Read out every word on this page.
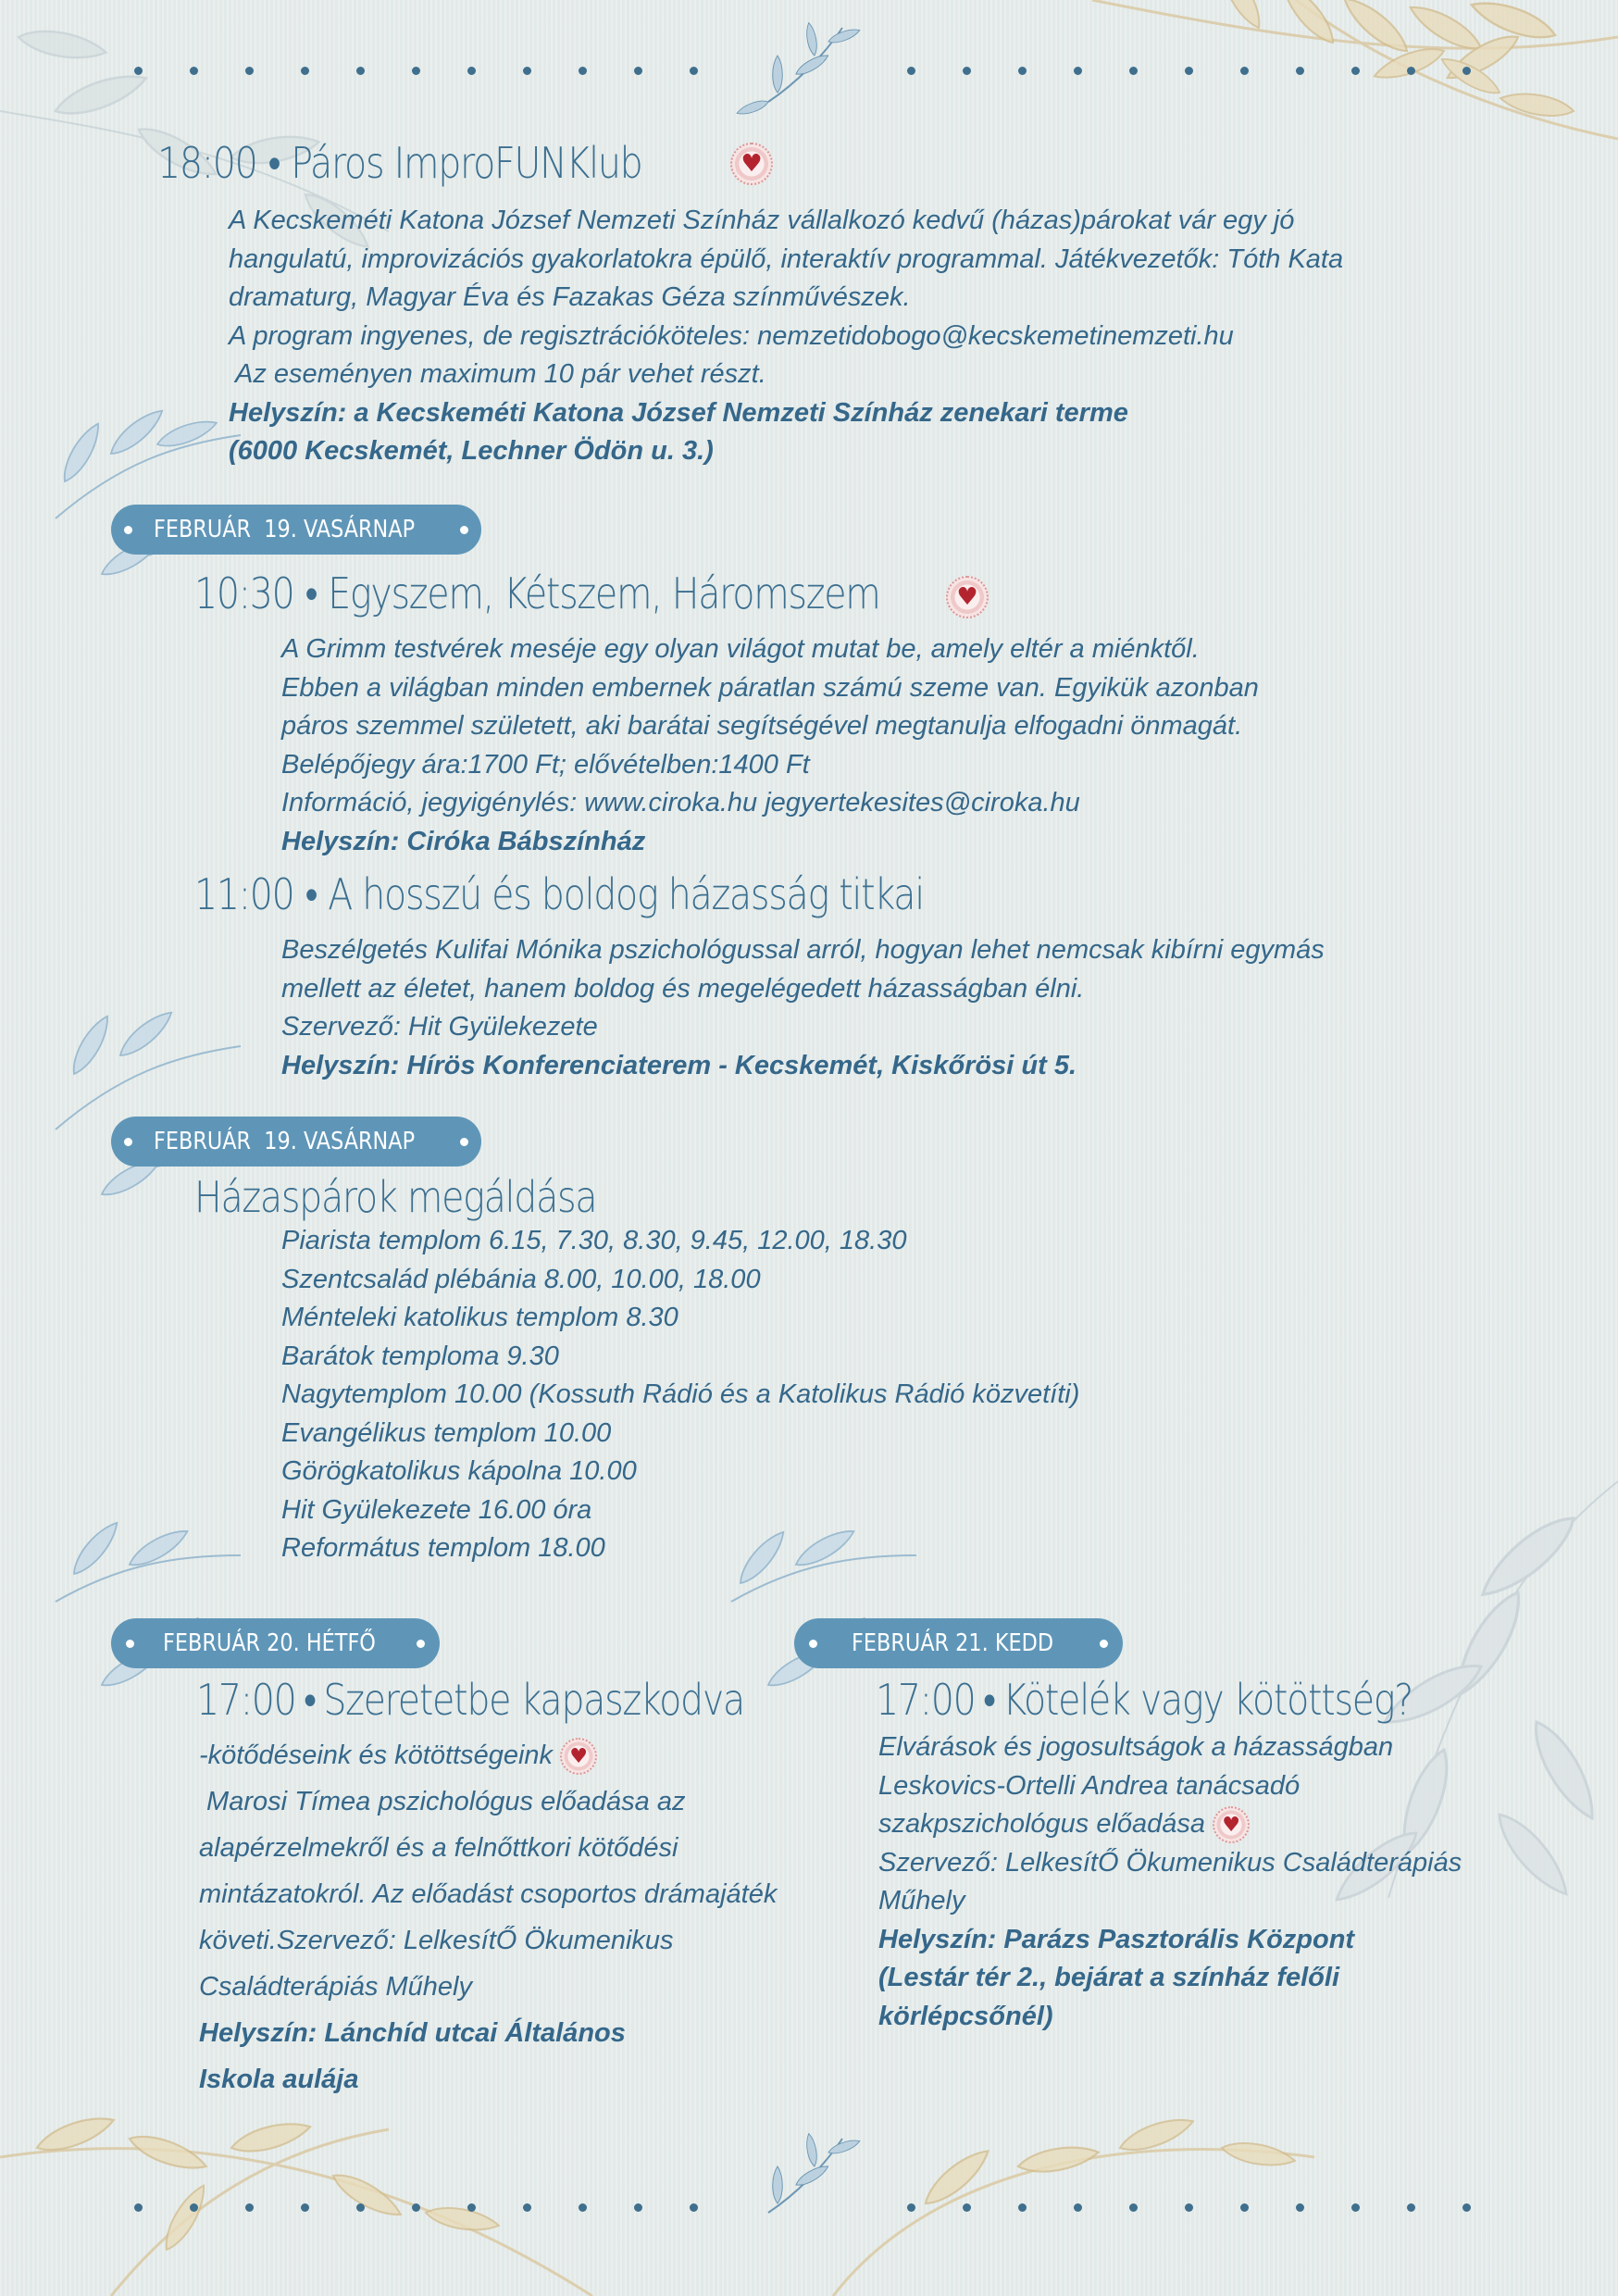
18:00 • Páros ImproFUNKlub	♥
A Kecskeméti Katona József Nemzeti Színház vállalkozó kedvű (házas)párokat vár egy jó
hangulatú, improvizációs gyakorlatokra épülő, interaktív programmal. Játékvezetők: Tóth Kata
dramaturg, Magyar Éva és Fazakas Géza színművészek.
A program ingyenes, de regisztrációköteles: nemzetidobogo@kecskemetinemzeti.hu
Az eseményen maximum 10 pár vehet részt.
Helyszín: a Kecskeméti Katona József Nemzeti Színház zenekari terme
(6000 Kecskemét, Lechner Ödön u. 3.)
FEBRUÁR  19. VASÁRNAP
10:30 • Egyszem, Kétszem, Háromszem	♥
A Grimm testvérek meséje egy olyan világot mutat be, amely eltér a miénktől.
Ebben a világban minden embernek páratlan számú szeme van. Egyikük azonban
páros szemmel született, aki barátai segítségével megtanulja elfogadni önmagát.
Belépőjegy ára:1700 Ft; elővételben:1400 Ft
Információ, jegyigénylés: www.ciroka.hu jegyertekesites@ciroka.hu
Helyszín: Ciróka Bábszínház
11:00 • A hosszú és boldog házasság titkai
Beszélgetés Kulifai Mónika pszichológussal arról, hogyan lehet nemcsak kibírni egymás
mellett az életet, hanem boldog és megelégedett házasságban élni.
Szervező: Hit Gyülekezete
Helyszín: Hírös Konferenciaterem - Kecskemét, Kiskőrösi út 5.
FEBRUÁR  19. VASÁRNAP
Házaspárok megáldása
Piarista templom 6.15, 7.30, 8.30, 9.45, 12.00, 18.30
Szentcsalád plébánia 8.00, 10.00, 18.00
Ménteleki katolikus templom 8.30
Barátok temploma 9.30
Nagytemplom 10.00 (Kossuth Rádió és a Katolikus Rádió közvetíti)
Evangélikus templom 10.00
Görögkatolikus kápolna 10.00
Hit Gyülekezete 16.00 óra
Református templom 18.00
FEBRUÁR 20. HÉTFŐ	FEBRUÁR 21. KEDD
17:00 • Szeretetbe kapaszkodva
-kötődéseink és kötöttségeink ♥
Marosi Tímea pszichológus előadása az
alapérzelmekről és a felnőttkori kötődési
mintázatokról. Az előadást csoportos drámajáték
követi.Szervező: LelkesítŐ Ökumenikus
Családterápiás Műhely
Helyszín: Lánchíd utcai Általános
Iskola aulája
17:00 • Kötelék vagy kötöttség?
Elvárások és jogosultságok a házasságban
Leskovics-Ortelli Andrea tanácsadó
szakpszichológus előadása ♥
Szervező: LelkesítŐ Ökumenikus Családterápiás
Műhely
Helyszín: Parázs Pasztorális Központ
(Lestár tér 2., bejárat a színház felőli
körlépcsőnél)
